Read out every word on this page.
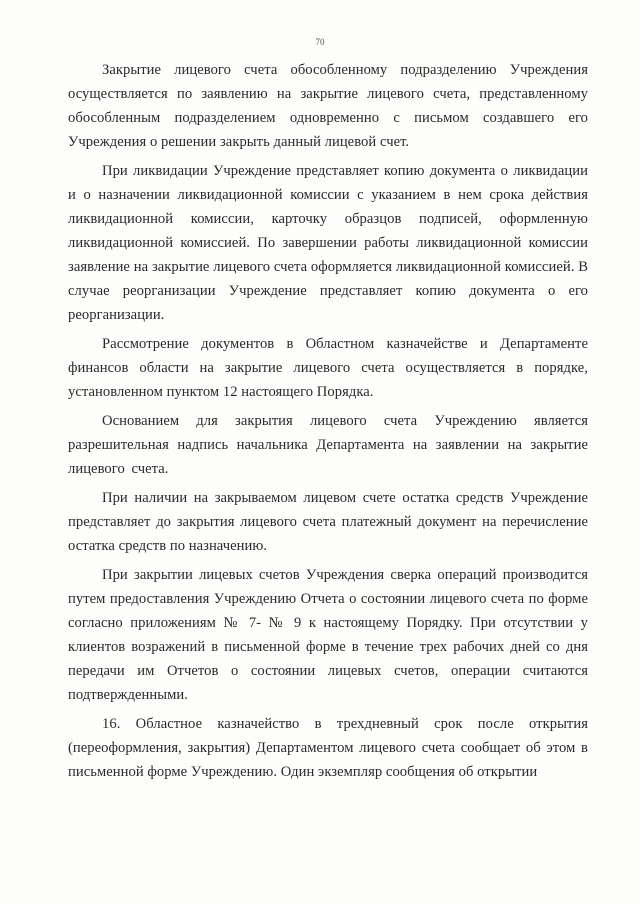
70

Закрытие лицевого счета обособленному подразделению Учреждения осуществляется по заявлению на закрытие лицевого счета, представленному обособленным подразделением одновременно с письмом создавшего его Учреждения о решении закрыть данный лицевой счет.

При ликвидации Учреждение представляет копию документа о ликвидации и о назначении ликвидационной комиссии с указанием в нем срока действия ликвидационной комиссии, карточку образцов подписей, оформленную ликвидационной комиссией. По завершении работы ликвидационной комиссии заявление на закрытие лицевого счета оформляется ликвидационной комиссией. В случае реорганизации Учреждение представляет копию документа о его реорганизации.

Рассмотрение документов в Областном казначействе и Департаменте финансов области на закрытие лицевого счета осуществляется в порядке, установленном пунктом 12 настоящего Порядка.

Основанием для закрытия лицевого счета Учреждению является разрешительная надпись начальника Департамента на заявлении на закрытие лицевого счета.

При наличии на закрываемом лицевом счете остатка средств Учреждение представляет до закрытия лицевого счета платежный документ на перечисление остатка средств по назначению.

При закрытии лицевых счетов Учреждения сверка операций производится путем предоставления Учреждению Отчета о состоянии лицевого счета по форме согласно приложениям № 7- № 9 к настоящему Порядку. При отсутствии у клиентов возражений в письменной форме в течение трех рабочих дней со дня передачи им Отчетов о состоянии лицевых счетов, операции считаются подтвержденными.

16. Областное казначейство в трехдневный срок после открытия (переоформления, закрытия) Департаментом лицевого счета сообщает об этом в письменной форме Учреждению. Один экземпляр сообщения об открытии
